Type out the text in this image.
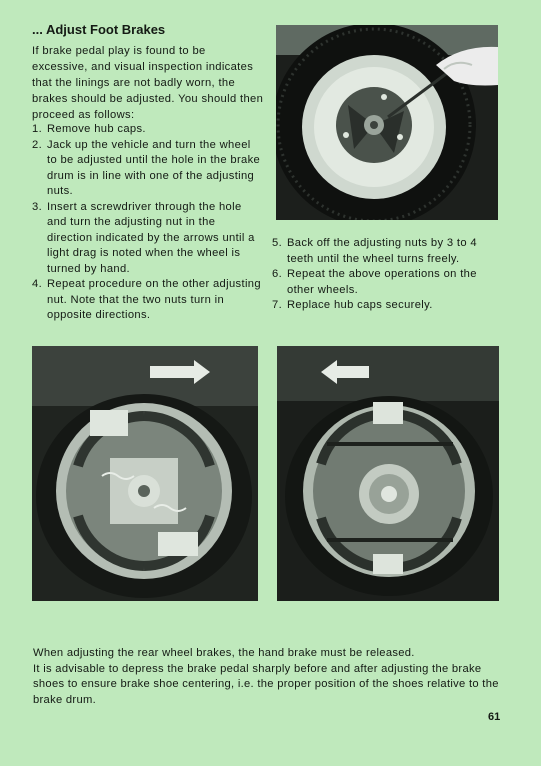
... Adjust Foot Brakes
If brake pedal play is found to be excessive, and visual inspection indicates that the linings are not badly worn, the brakes should be adjusted. You should then proceed as follows:
1. Remove hub caps.
2. Jack up the vehicle and turn the wheel to be adjusted until the hole in the brake drum is in line with one of the adjusting nuts.
3. Insert a screwdriver through the hole and turn the adjusting nut in the direction indicated by the arrows until a light drag is noted when the wheel is turned by hand.
4. Repeat procedure on the other adjusting nut. Note that the two nuts turn in opposite directions.
5. Back off the adjusting nuts by 3 to 4 teeth until the wheel turns freely.
6. Repeat the above operations on the other wheels.
7. Replace hub caps securely.

When adjusting the rear wheel brakes, the hand brake must be released.

It is advisable to depress the brake pedal sharply before and after adjusting the brake shoes to ensure brake shoe centering, i.e. the proper position of the shoes relative to the brake drum.

61
